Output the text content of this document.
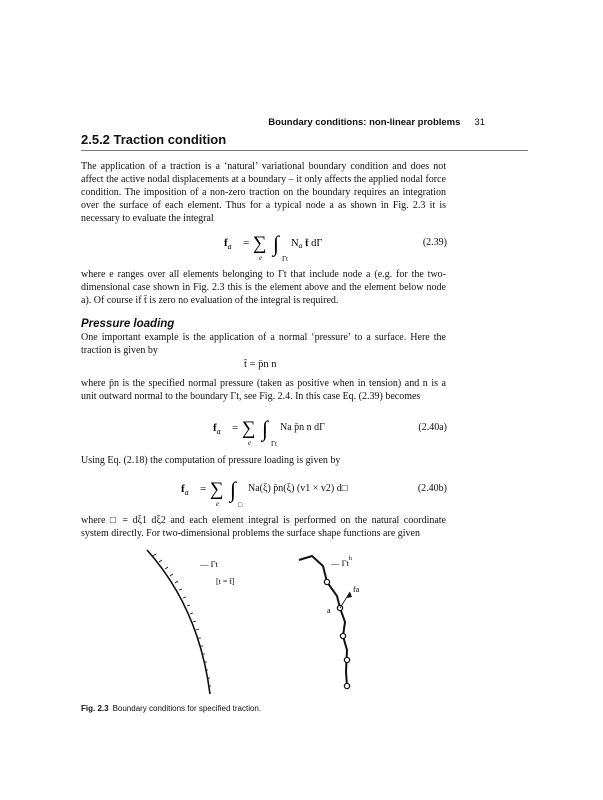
Boundary conditions: non-linear problems 31
2.5.2 Traction condition

The application of a traction is a ‘natural’ variational boundary condition and does not affect the active nodal displacements at a boundary – it only affects the applied nodal force condition. The imposition of a non-zero traction on the boundary requires an integration over the surface of each element. Thus for a typical node a as shown in Fig. 2.3 it is necessary to evaluate the integral

$f_a$ = ∑
e
∫
Γt
Na t̄ dΓ	(2.39)

where e ranges over all elements belonging to Γt that include node a (e.g. for the two-dimensional case shown in Fig. 2.3 this is the element above and the element below node a). Of course if t̄ is zero no evaluation of the integral is required.

Pressure loading

One important example is the application of a normal ‘pressure’ to a surface. Here the traction is given by

t̄ = p̄n n

where p̄n is the specified normal pressure (taken as positive when in tension) and n is a unit outward normal to the boundary Γt, see Fig. 2.4. In this case Eq. (2.39) becomes

$f_a$ = ∑
e
∫
Γt
Na p̄n n dΓ	(2.40a)

Using Eq. (2.18) the computation of pressure loading is given by

$f_a$ = ∑
e
∫
□
Na(ξ) p̄n(ξ) (v1 × v2) d□	(2.40b)

where □ = dξ1 dξ2 and each element integral is performed on the natural coordinate system directly. For two-dimensional problems the surface shape functions are given

— Γt
[t = t̄]
fa
a
— $\Gamma t^h$
Fig. 2.3 Boundary conditions for specified traction.
